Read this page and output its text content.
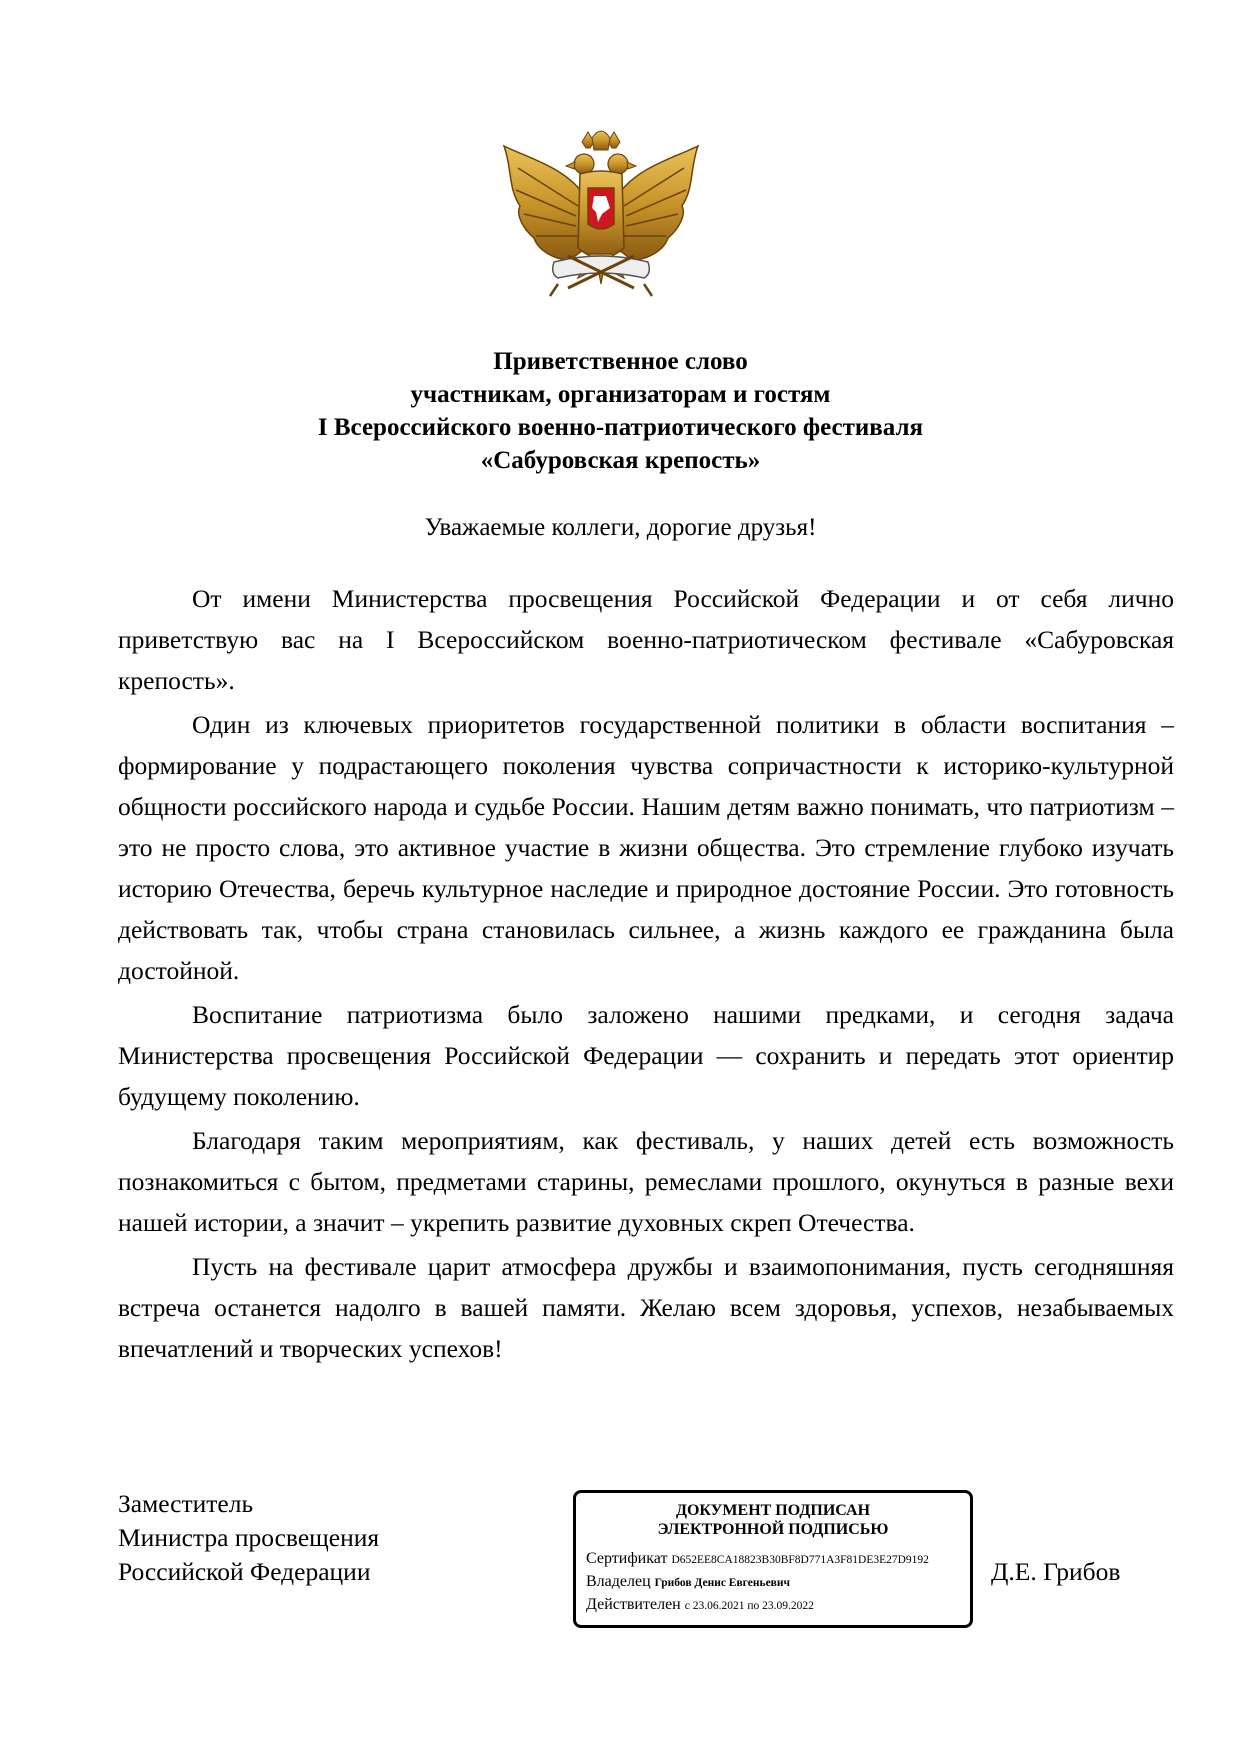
Приветственное слово
участникам, организаторам и гостям
I Всероссийского военно-патриотического фестиваля
«Сабуровская крепость»
Уважаемые коллеги, дорогие друзья!

От имени Министерства просвещения Российской Федерации и от себя лично приветствую вас на I Всероссийском военно-патриотическом фестивале «Сабуровская крепость».

Один из ключевых приоритетов государственной политики в области воспитания – формирование у подрастающего поколения чувства сопричастности к историко-культурной общности российского народа и судьбе России. Нашим детям важно понимать, что патриотизм – это не просто слова, это активное участие в жизни общества. Это стремление глубоко изучать историю Отечества, беречь культурное наследие и природное достояние России. Это готовность действовать так, чтобы страна становилась сильнее, а жизнь каждого ее гражданина была достойной.

Воспитание патриотизма было заложено нашими предками, и сегодня задача Министерства просвещения Российской Федерации — сохранить и передать этот ориентир будущему поколению.

Благодаря таким мероприятиям, как фестиваль, у наших детей есть возможность познакомиться с бытом, предметами старины, ремеслами прошлого, окунуться в разные вехи нашей истории, а значит – укрепить развитие духовных скреп Отечества.

Пусть на фестивале царит атмосфера дружбы и взаимопонимания, пусть сегодняшняя встреча останется надолго в вашей памяти. Желаю всем здоровья, успехов, незабываемых впечатлений и творческих успехов!

Заместитель
Министра просвещения
Российской Федерации
ДОКУМЕНТ ПОДПИСАН
ЭЛЕКТРОННОЙ ПОДПИСЬЮ
Сертификат D652EE8CA18823B30BF8D771A3F81DE3E27D9192
Владелец Грибов Денис Евгеньевич
Действителен с 23.06.2021 по 23.09.2022
Д.Е. Грибов
